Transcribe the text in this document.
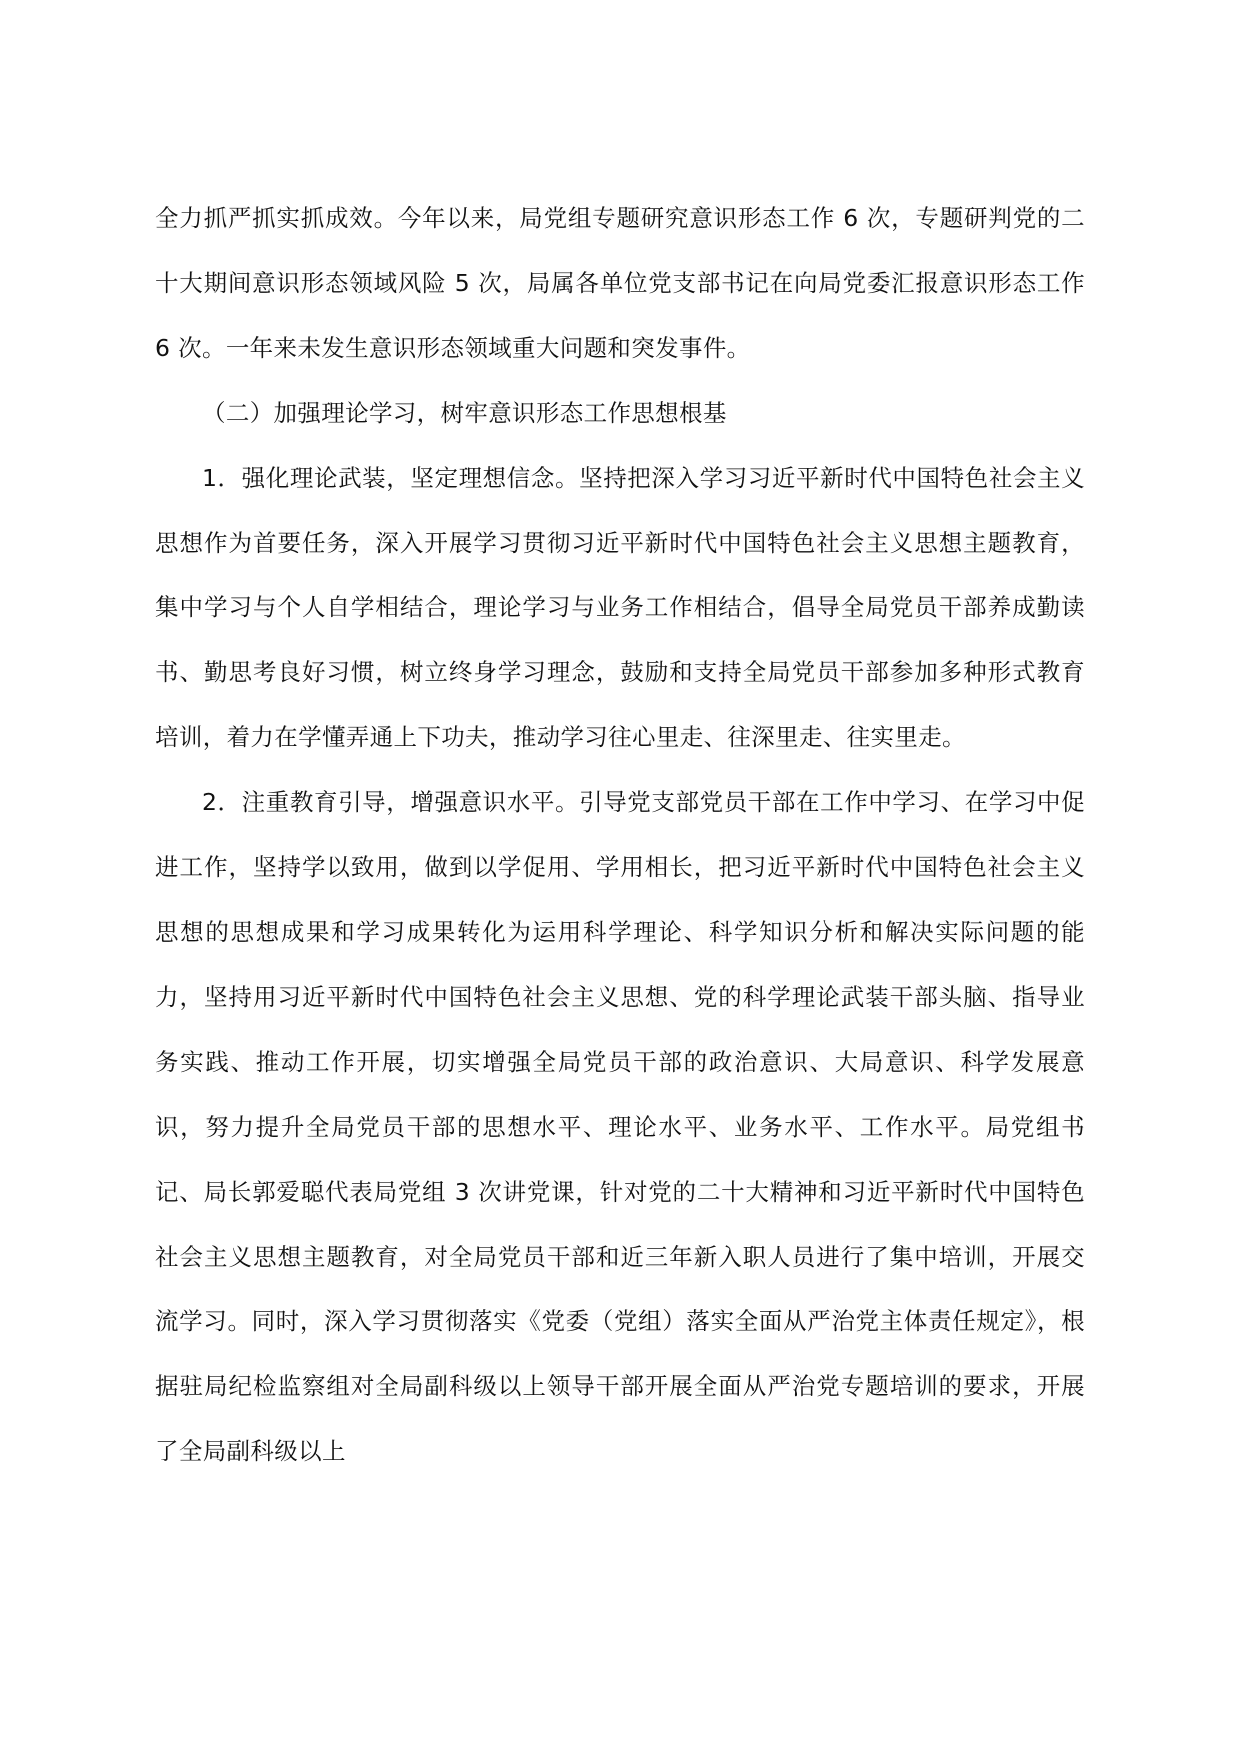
全力抓严抓实抓成效。今年以来，局党组专题研究意识形态工作 6 次，专题研判党的二十大期间意识形态领域风险 5 次，局属各单位党支部书记在向局党委汇报意识形态工作 6 次。一年来未发生意识形态领域重大问题和突发事件。

（二）加强理论学习，树牢意识形态工作思想根基

1．强化理论武装，坚定理想信念。坚持把深入学习习近平新时代中国特色社会主义思想作为首要任务，深入开展学习贯彻习近平新时代中国特色社会主义思想主题教育，集中学习与个人自学相结合，理论学习与业务工作相结合，倡导全局党员干部养成勤读书、勤思考良好习惯，树立终身学习理念，鼓励和支持全局党员干部参加多种形式教育培训，着力在学懂弄通上下功夫，推动学习往心里走、往深里走、往实里走。

2．注重教育引导，增强意识水平。引导党支部党员干部在工作中学习、在学习中促进工作，坚持学以致用，做到以学促用、学用相长，把习近平新时代中国特色社会主义思想的思想成果和学习成果转化为运用科学理论、科学知识分析和解决实际问题的能力，坚持用习近平新时代中国特色社会主义思想、党的科学理论武装干部头脑、指导业务实践、推动工作开展，切实增强全局党员干部的政治意识、大局意识、科学发展意识，努力提升全局党员干部的思想水平、理论水平、业务水平、工作水平。局党组书记、局长郭爱聪代表局党组 3 次讲党课，针对党的二十大精神和习近平新时代中国特色社会主义思想主题教育，对全局党员干部和近三年新入职人员进行了集中培训，开展交流学习。同时，深入学习贯彻落实《党委（党组）落实全面从严治党主体责任规定》，根据驻局纪检监察组对全局副科级以上领导干部开展全面从严治党专题培训的要求，开展了全局副科级以上
